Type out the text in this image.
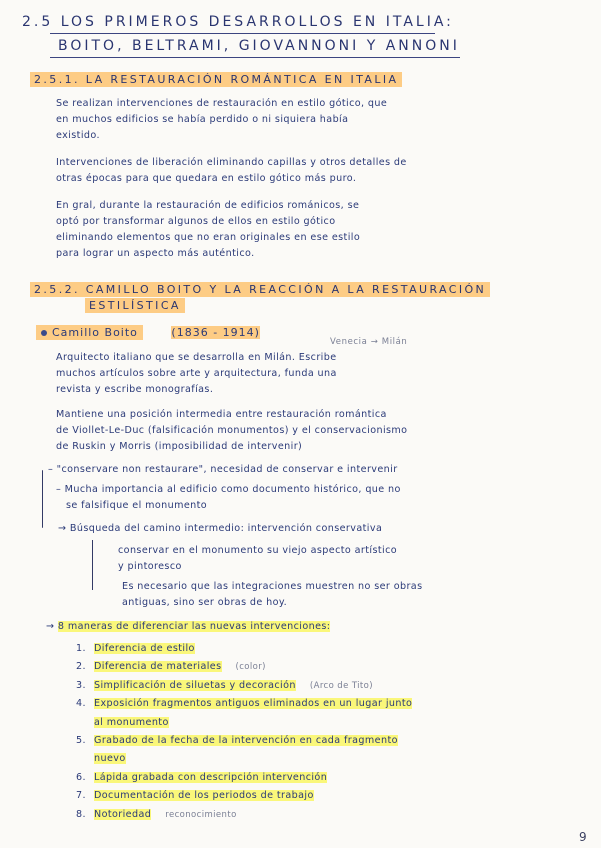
2.5 LOS PRIMEROS DESARROLLOS EN ITALIA:
BOITO, BELTRAMI, GIOVANNONI Y ANNONI
2.5.1. LA RESTAURACIÓN ROMÁNTICA EN ITALIA
Se realizan intervenciones de restauración en estilo gótico, que
en muchos edificios se había perdido o ni siquiera había
existido.
Intervenciones de liberación eliminando capillas y otros detalles de
otras épocas para que quedara en estilo gótico más puro.
En gral, durante la restauración de edificios románicos, se
optó por transformar algunos de ellos en estilo gótico
eliminando elementos que no eran originales en ese estilo
para lograr un aspecto más auténtico.
2.5.2. CAMILLO BOITO Y LA REACCIÓN A LA RESTAURACIÓN
ESTILÍSTICA
Camillo Boito	(1836 - 1914)
Venecia → Milán
Arquitecto italiano que se desarrolla en Milán. Escribe
muchos artículos sobre arte y arquitectura, funda una
revista y escribe monografías.
Mantiene una posición intermedia entre restauración romántica
de Viollet-Le-Duc (falsificación monumentos) y el conservacionismo
de Ruskin y Morris (imposibilidad de intervenir)
– "conservare non restaurare", necesidad de conservar e intervenir
– Mucha importancia al edificio como documento histórico, que no
se falsifique el monumento
→ Búsqueda del camino intermedio: intervención conservativa
conservar en el monumento su viejo aspecto artístico
y pintoresco
Es necesario que las integraciones muestren no ser obras
antiguas, sino ser obras de hoy.
→ 8 maneras de diferenciar las nuevas intervenciones:
1. Diferencia de estilo
2. Diferencia de materiales (color)
3. Simplificación de siluetas y decoración (Arco de Tito)
4. Exposición fragmentos antiguos eliminados en un lugar junto
al monumento
5. Grabado de la fecha de la intervención en cada fragmento
nuevo
6. Lápida grabada con descripción intervención
7. Documentación de los periodos de trabajo
8. Notoriedad reconocimiento
9
